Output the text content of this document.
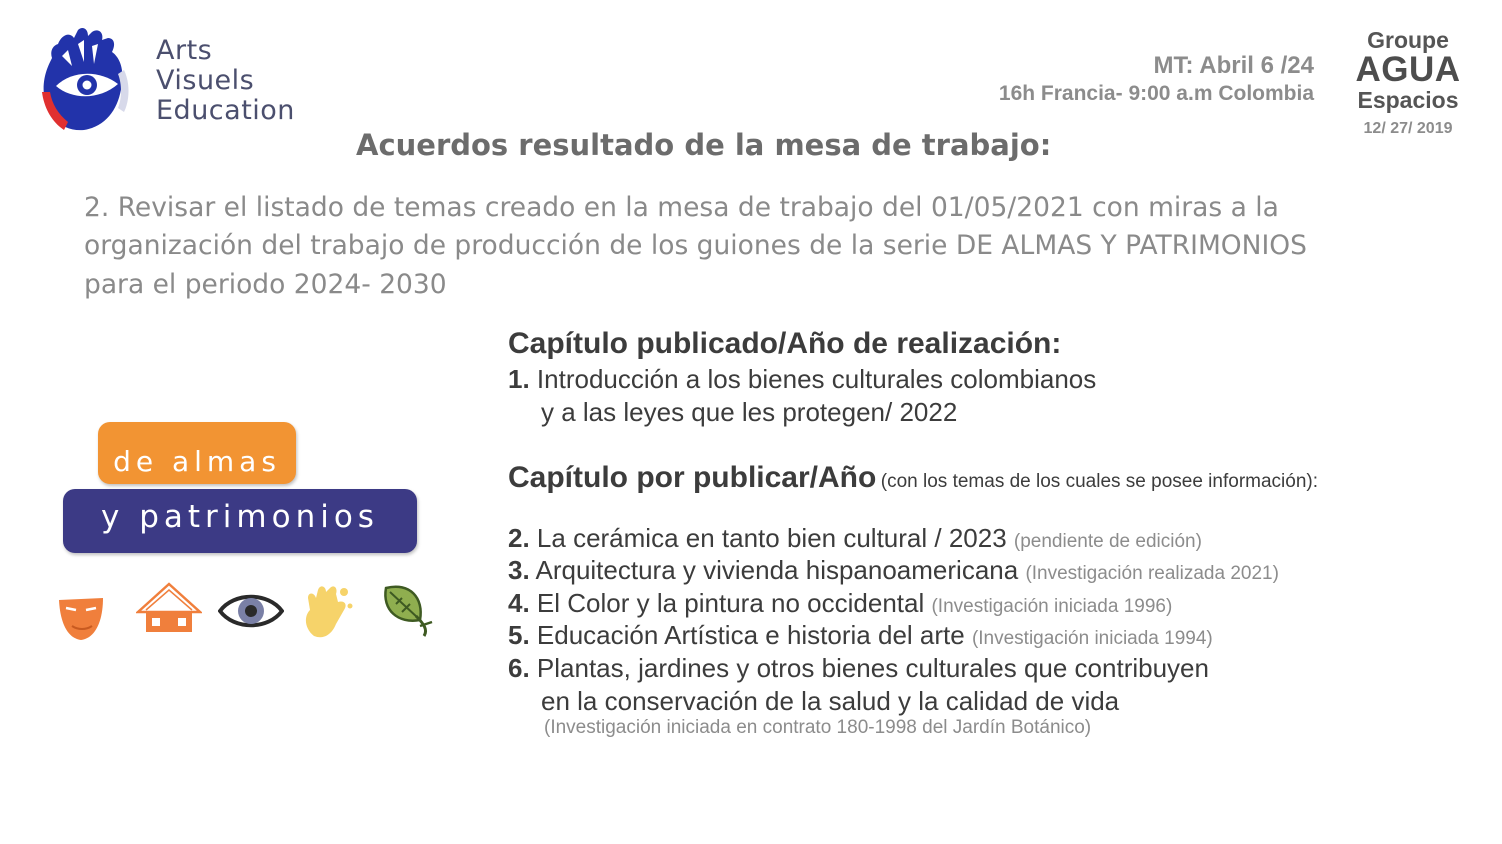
Arts
Visuels
Education
MT: Abril 6 /24
16h Francia- 9:00 a.m Colombia
Groupe
AGUA
Espacios
12/ 27/ 2019
Acuerdos resultado de la mesa de trabajo:
2. Revisar el listado de temas creado en la mesa de trabajo del 01/05/2021 con miras a la
organización del trabajo de producción de los guiones de la serie DE ALMAS Y PATRIMONIOS
para el periodo 2024- 2030
Capítulo publicado/Año de realización:
1. Introducción a los bienes culturales colombianos
y a las leyes que les protegen/ 2022
Capítulo por publicar/Año (con los temas de los cuales se posee información):
2. La cerámica en tanto bien cultural / 2023 (pendiente de edición)
3. Arquitectura y vivienda hispanoamericana (Investigación realizada 2021)
4. El Color y la pintura no occidental (Investigación iniciada 1996)
5. Educación Artística e historia del arte (Investigación iniciada 1994)
6. Plantas, jardines y otros bienes culturales que contribuyen
en la conservación de la salud y la calidad de vida
(Investigación iniciada en contrato 180-1998 del Jardín Botánico)
de almas
y patrimonios
